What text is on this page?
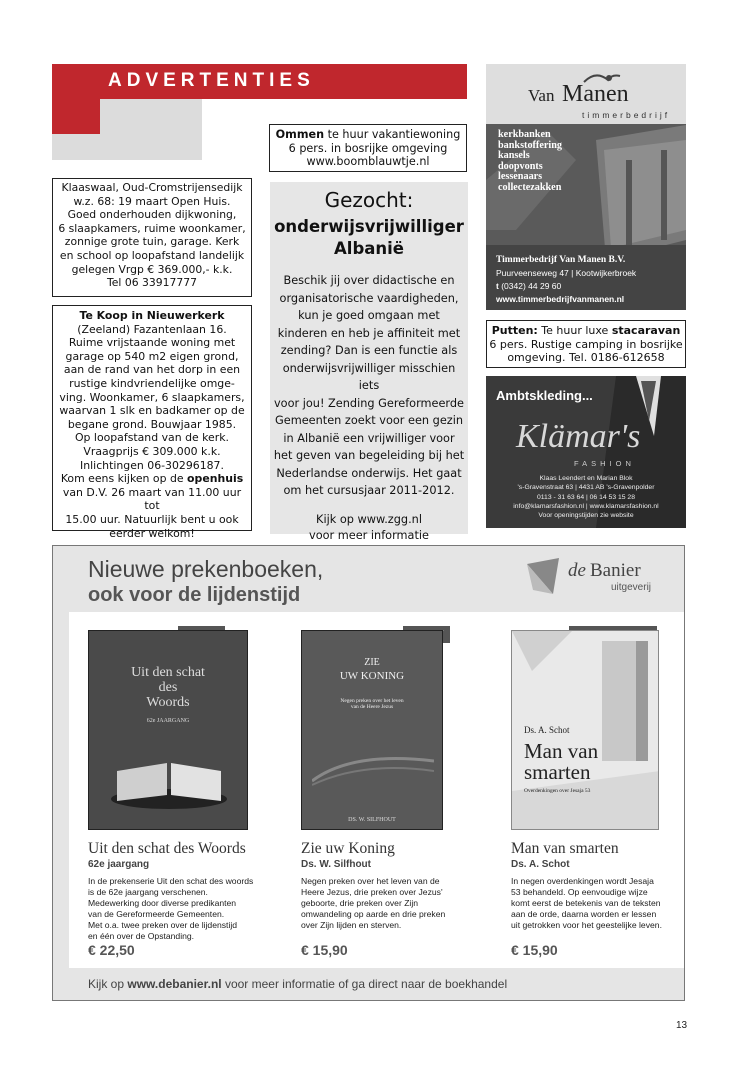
ADVERTENTIES
Ommen te huur vakantiewoning
6 pers. in bosrijke omgeving
www.boomblauwtje.nl
Klaaswaal, Oud-Cromstrijensedijk
w.z. 68: 19 maart Open Huis.
Goed onderhouden dijkwoning,
6 slaapkamers, ruime woonkamer,
zonnige grote tuin, garage. Kerk
en school op loopafstand landelijk
gelegen Vrgp € 369.000,- k.k.
Tel 06 33917777
Te Koop in Nieuwerkerk
(Zeeland) Fazantenlaan 16.
Ruime vrijstaande woning met
garage op 540 m2 eigen grond,
aan de rand van het dorp in een
rustige kindvriendelijke omge-
ving. Woonkamer, 6 slaapkamers,
waarvan 1 slk en badkamer op de
begane grond. Bouwjaar 1985.
Op loopafstand van de kerk.
Vraagprijs € 309.000 k.k.
Inlichtingen 06-30296187.
Kom eens kijken op de openhuis
van D.V. 26 maart van 11.00 uur tot
15.00 uur. Natuurlijk bent u ook
eerder welkom!
Gezocht:
onderwijsvrijwilliger
Albanië
Beschik jij over didactische en
organisatorische vaardigheden,
kun je goed omgaan met
kinderen en heb je affiniteit met
zending? Dan is een functie als
onderwijsvrijwilliger misschien iets
voor jou! Zending Gereformeerde
Gemeenten zoekt voor een gezin
in Albanië een vrijwilliger voor
het geven van begeleiding bij het
Nederlandse onderwijs. Het gaat
om het cursusjaar 2011-2012.
Kijk op www.zgg.nl
voor meer informatie
Van Manen
timmerbedrijf
kerkbanken
bankstoffering
kansels
doopvonts
lessenaars
collectezakken
Timmerbedrijf Van Manen B.V.
Puurveenseweg 47 | Kootwijkerbroek
t (0342) 44 29 60
www.timmerbedrijfvanmanen.nl
Putten: Te huur luxe stacaravan
6 pers. Rustige camping in bosrijke
omgeving. Tel. 0186-612658
Ambtskleding...
Klämar's
FASHION
Klaas Leendert en Marian Blok
's-Gravenstraat 63 | 4431 AB 's-Gravenpolder
0113 - 31 63 64 | 06 14 53 15 28
info@klamarsfashion.nl | www.klamarsfashion.nl
Voor openingstijden zie website
Nieuwe prekenboeken,
ook voor de lijdenstijd
de Banier
uitgeverij
Uit den schat
des
Woords
62e JAARGANG
Uit den schat des Woords
62e jaargang
In de prekenserie Uit den schat des woords
is de 62e jaargang verschenen.
Medewerking door diverse predikanten
van de Gereformeerde Gemeenten.
Met o.a. twee preken over de lijdenstijd
en één over de Opstanding.
€ 22,50
ZIE
UW KONING
Negen preken over het leven
van de Heere Jezus
DS. W. SILFHOUT
Zie uw Koning
Ds. W. Silfhout
Negen preken over het leven van de
Heere Jezus, drie preken over Jezus'
geboorte, drie preken over Zijn
omwandeling op aarde en drie preken
over Zijn lijden en sterven.
€ 15,90
Ds. A. Schot
Man van
smarten
Overdenkingen over Jesaja 53
Man van smarten
Ds. A. Schot
In negen overdenkingen wordt Jesaja
53 behandeld. Op eenvoudige wijze
komt eerst de betekenis van de teksten
aan de orde, daarna worden er lessen
uit getrokken voor het geestelijke leven.
€ 15,90
Kijk op www.debanier.nl voor meer informatie of ga direct naar de boekhandel
13
